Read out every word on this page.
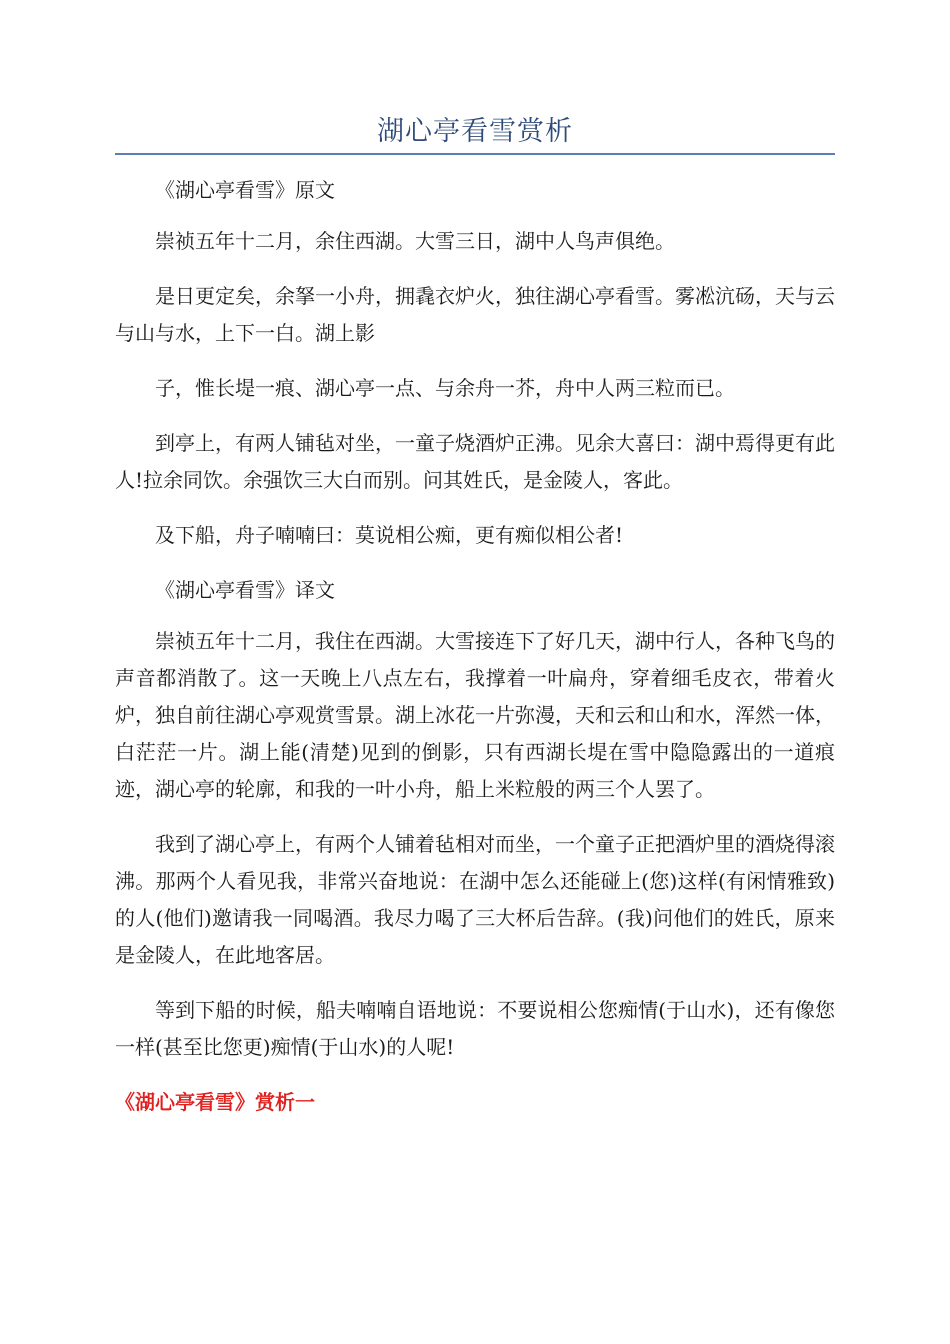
湖心亭看雪赏析

《湖心亭看雪》原文

崇祯五年十二月，余住西湖。大雪三日，湖中人鸟声俱绝。

是日更定矣，余拏一小舟，拥毳衣炉火，独往湖心亭看雪。雾凇沆砀，天与云与山与水，上下一白。湖上影

子，惟长堤一痕、湖心亭一点、与余舟一芥，舟中人两三粒而已。

到亭上，有两人铺毡对坐，一童子烧酒炉正沸。见余大喜曰：湖中焉得更有此人!拉余同饮。余强饮三大白而别。问其姓氏，是金陵人，客此。

及下船，舟子喃喃曰：莫说相公痴，更有痴似相公者!

《湖心亭看雪》译文

崇祯五年十二月，我住在西湖。大雪接连下了好几天，湖中行人，各种飞鸟的声音都消散了。这一天晚上八点左右，我撑着一叶扁舟，穿着细毛皮衣，带着火炉，独自前往湖心亭观赏雪景。湖上冰花一片弥漫，天和云和山和水，浑然一体，白茫茫一片。湖上能(清楚)见到的倒影，只有西湖长堤在雪中隐隐露出的一道痕迹，湖心亭的轮廓，和我的一叶小舟，船上米粒般的两三个人罢了。

我到了湖心亭上，有两个人铺着毡相对而坐，一个童子正把酒炉里的酒烧得滚沸。那两个人看见我，非常兴奋地说：在湖中怎么还能碰上(您)这样(有闲情雅致)的人(他们)邀请我一同喝酒。我尽力喝了三大杯后告辞。(我)问他们的姓氏，原来是金陵人，在此地客居。

等到下船的时候，船夫喃喃自语地说：不要说相公您痴情(于山水)，还有像您一样(甚至比您更)痴情(于山水)的人呢!

《湖心亭看雪》赏析一
